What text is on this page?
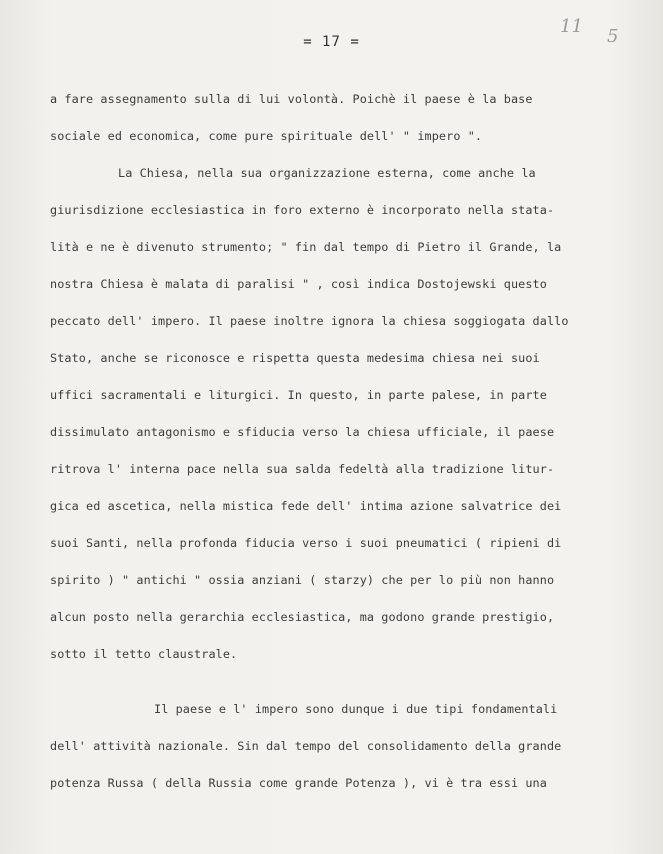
= 17 =
11 5
a fare assegnamento sulla di lui volontà. Poichè il paese è la base
sociale ed economica, come pure spirituale dell' " impero ".
La Chiesa, nella sua organizzazione esterna, come anche la
giurisdizione ecclesiastica in foro externo è incorporato nella stata-
lità e ne è divenuto strumento; " fin dal tempo di Pietro il Grande, la
nostra Chiesa è malata di paralisi " , così indica Dostojewski questo
peccato dell' impero. Il paese inoltre ignora la chiesa soggiogata dallo
Stato, anche se riconosce e rispetta questa medesima chiesa nei suoi
uffici sacramentali e liturgici. In questo, in parte palese, in parte
dissimulato antagonismo e sfiducia verso la chiesa ufficiale, il paese
ritrova l' interna pace nella sua salda fedeltà alla tradizione litur-
gica ed ascetica, nella mistica fede dell' intima azione salvatrice dei
suoi Santi, nella profonda fiducia verso i suoi pneumatici ( ripieni di
spirito ) " antichi " ossia anziani ( starzy) che per lo più non hanno
alcun posto nella gerarchia ecclesiastica, ma godono grande prestigio,
sotto il tetto claustrale.
Il paese e l' impero sono dunque i due tipi fondamentali
dell' attività nazionale. Sin dal tempo del consolidamento della grande
potenza Russa ( della Russia come grande Potenza ), vi è tra essi una
